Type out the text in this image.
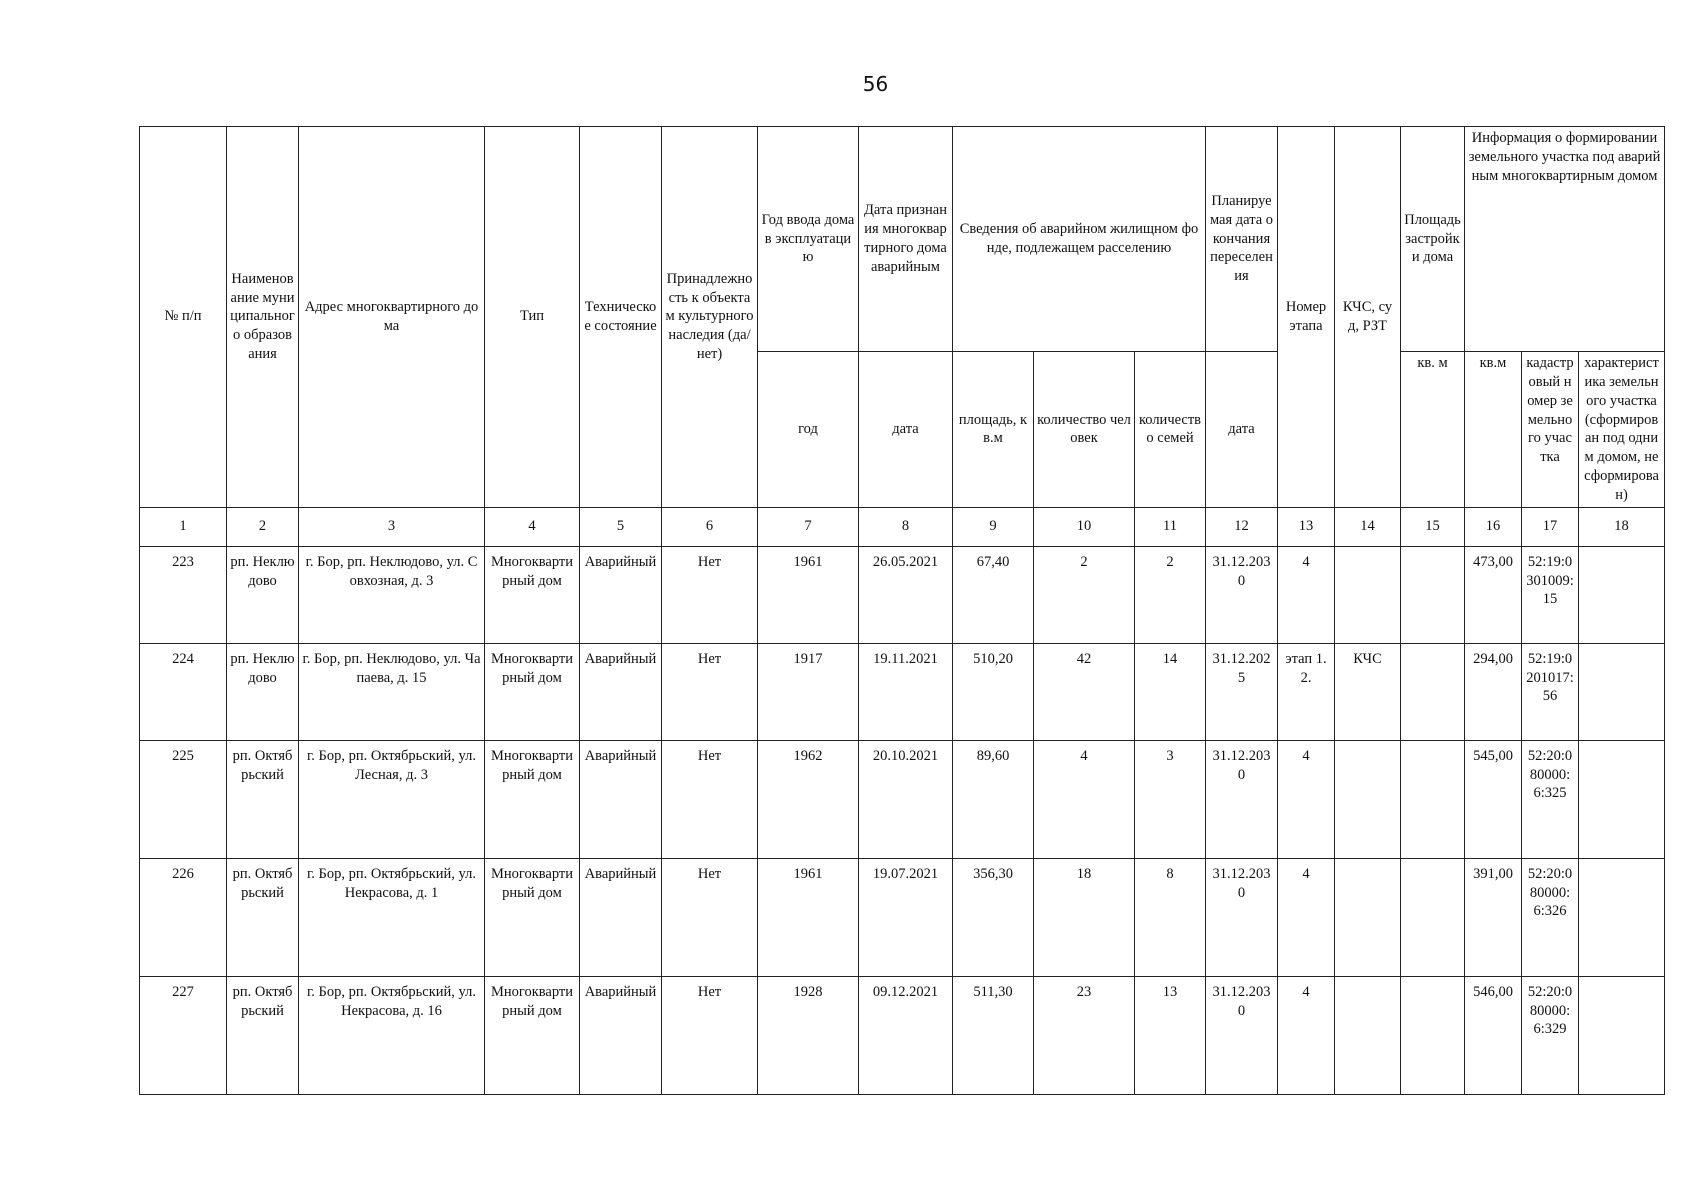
56
№ п/п	Наименование муниципального образования	Адрес многоквартирного дома	Тип	Техническое состояние	Принадлежность к объектам культурного наследия (да/нет)	Год ввода дома в эксплуатацию	Дата признания многоквартирного дома аварийным	Сведения об аварийном жилищном фонде, подлежащем расселению			Планируемая дата окончания переселения	Номер этапа	КЧС, суд, РЗТ	Площадь застройки дома	Информация о формировании земельного участка под аварийным многоквартирным домом		
						год	дата	площадь, кв.м	количество человек	количество семей	дата			кв. м	кв.м	кадастровый номер земельного участка	характеристика земельного участка (сформирован под одним домом, не сформирован)
1	2	3	4	5	6	7	8	9	10	11	12	13	14	15	16	17	18
223	рп. Неклюдово	г. Бор, рп. Неклюдово, ул. Совхозная, д. 3	Многоквартирный дом	Аварийный	Нет	1961	26.05.2021	67,40	2	2	31.12.2030	4			473,00	52:19:0301009:15	
224	рп. Неклюдово	г. Бор, рп. Неклюдово, ул. Чапаева, д. 15	Многоквартирный дом	Аварийный	Нет	1917	19.11.2021	510,20	42	14	31.12.2025	этап 1.2.	КЧС		294,00	52:19:0201017:56	
225	рп. Октябрьский	г. Бор, рп. Октябрьский, ул. Лесная, д. 3	Многоквартирный дом	Аварийный	Нет	1962	20.10.2021	89,60	4	3	31.12.2030	4			545,00	52:20:080000:6:325	
226	рп. Октябрьский	г. Бор, рп. Октябрьский, ул. Некрасова, д. 1	Многоквартирный дом	Аварийный	Нет	1961	19.07.2021	356,30	18	8	31.12.2030	4			391,00	52:20:080000:6:326	
227	рп. Октябрьский	г. Бор, рп. Октябрьский, ул. Некрасова, д. 16	Многоквартирный дом	Аварийный	Нет	1928	09.12.2021	511,30	23	13	31.12.2030	4			546,00	52:20:080000:6:329	
